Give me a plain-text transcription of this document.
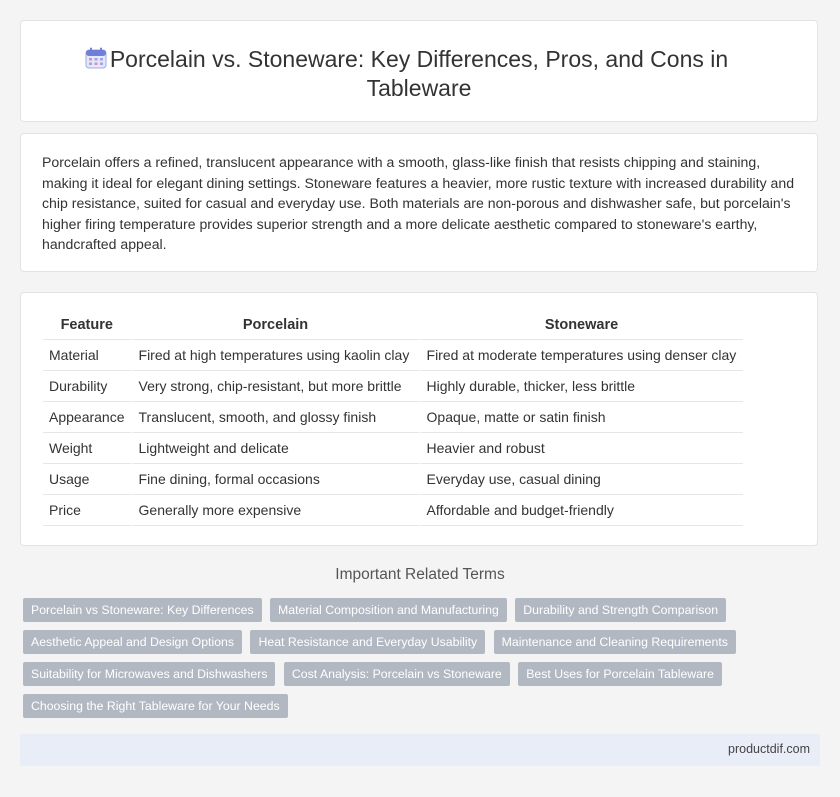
Porcelain vs. Stoneware: Key Differences, Pros, and Cons in Tableware

Porcelain offers a refined, translucent appearance with a smooth, glass-like finish that resists chipping and staining, making it ideal for elegant dining settings. Stoneware features a heavier, more rustic texture with increased durability and chip resistance, suited for casual and everyday use. Both materials are non-porous and dishwasher safe, but porcelain's higher firing temperature provides superior strength and a more delicate aesthetic compared to stoneware's earthy, handcrafted appeal.

Feature	Porcelain	Stoneware
Material	Fired at high temperatures using kaolin clay	Fired at moderate temperatures using denser clay
Durability	Very strong, chip-resistant, but more brittle	Highly durable, thicker, less brittle
Appearance	Translucent, smooth, and glossy finish	Opaque, matte or satin finish
Weight	Lightweight and delicate	Heavier and robust
Usage	Fine dining, formal occasions	Everyday use, casual dining
Price	Generally more expensive	Affordable and budget-friendly
Important Related Terms
Porcelain vs Stoneware: Key Differences Material Composition and Manufacturing Durability and Strength Comparison Aesthetic Appeal and Design Options Heat Resistance and Everyday Usability Maintenance and Cleaning Requirements Suitability for Microwaves and Dishwashers Cost Analysis: Porcelain vs Stoneware Best Uses for Porcelain Tableware Choosing the Right Tableware for Your Needs
productdif.com
